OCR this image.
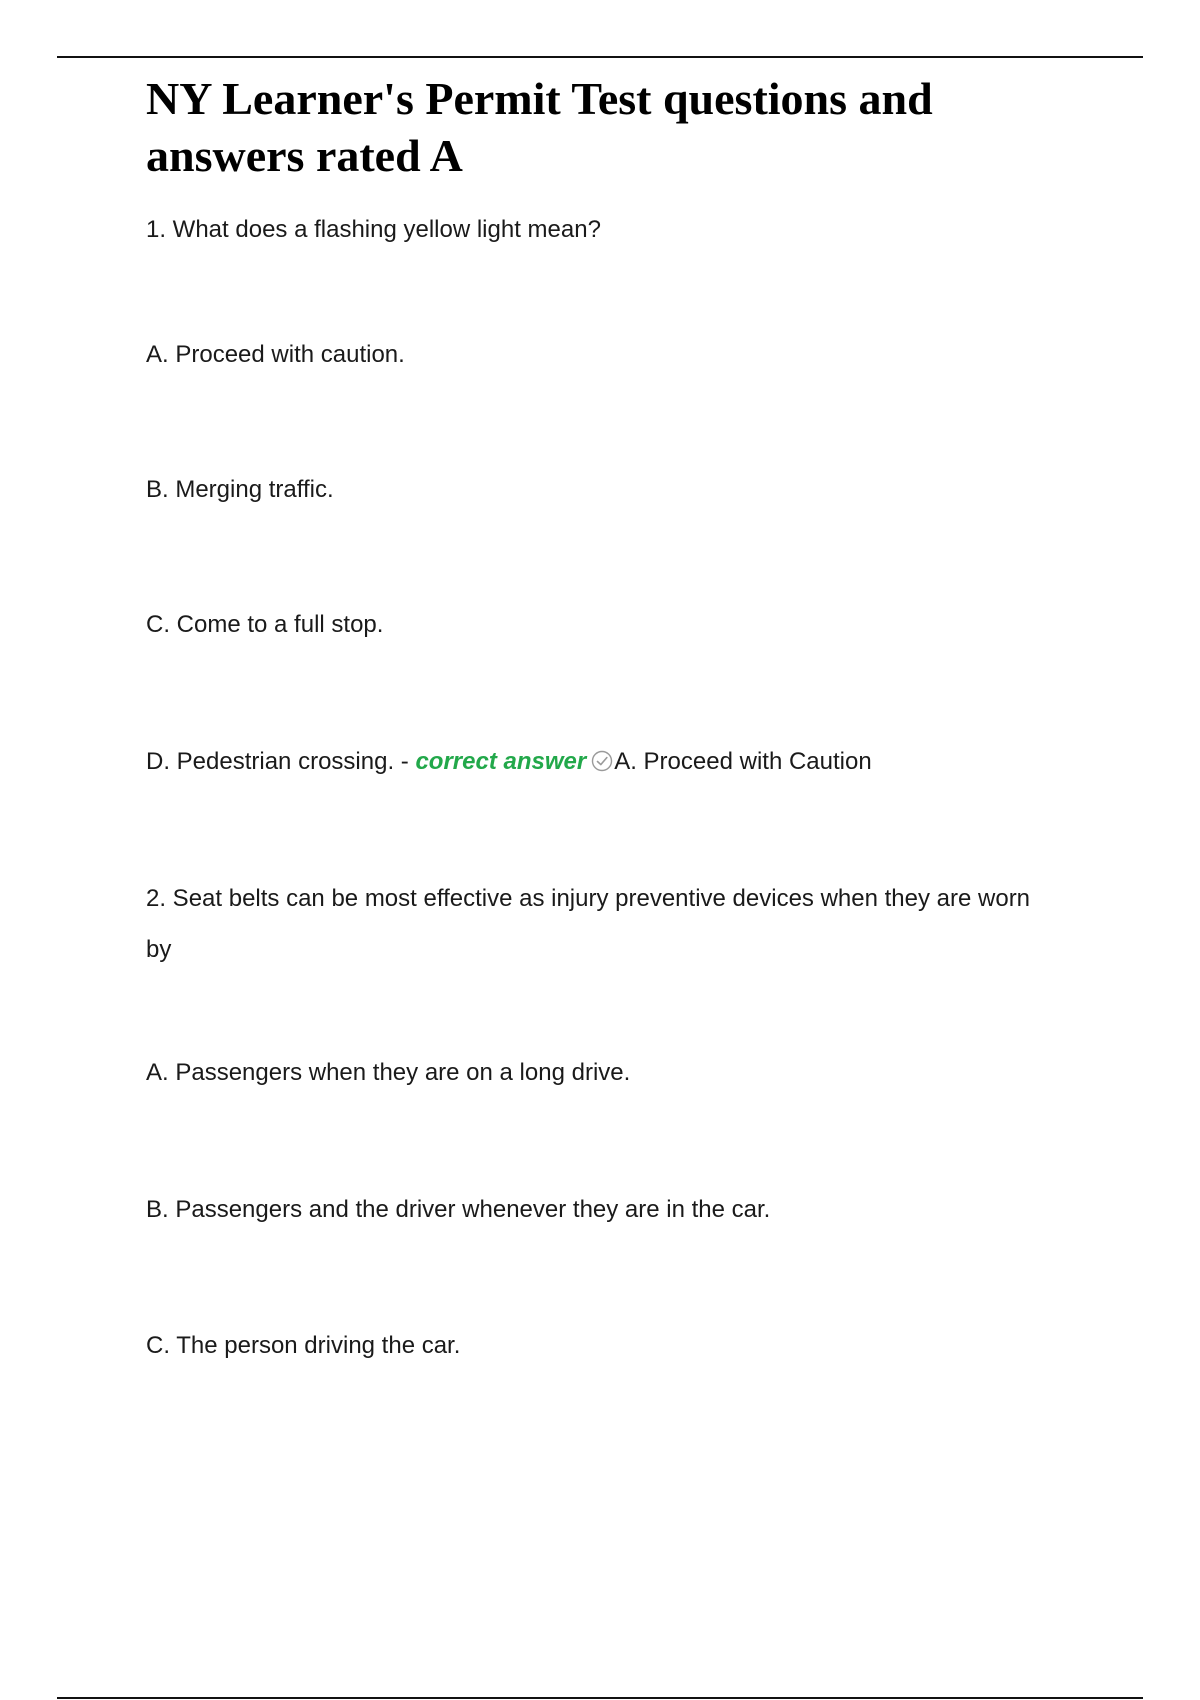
NY Learner's Permit Test questions and answers rated A

1. What does a flashing yellow light mean?

A. Proceed with caution.

B. Merging traffic.

C. Come to a full stop.

D. Pedestrian crossing. - correct answer A. Proceed with Caution

2. Seat belts can be most effective as injury preventive devices when they are worn by

A. Passengers when they are on a long drive.

B. Passengers and the driver whenever they are in the car.

C. The person driving the car.
